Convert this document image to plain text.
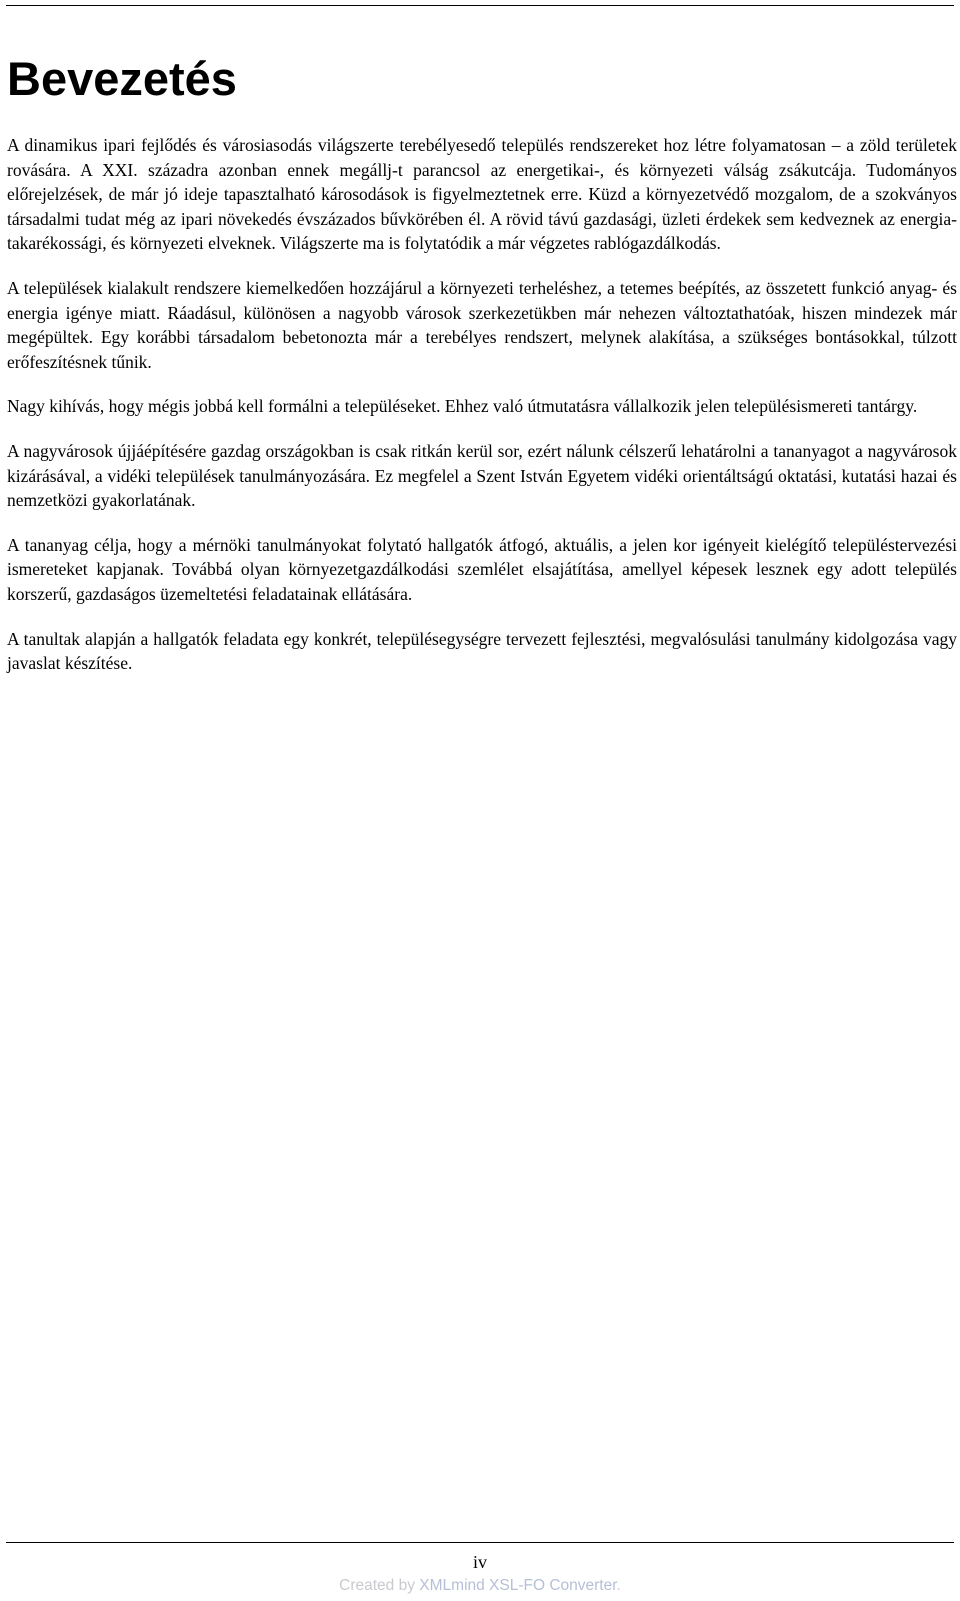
Bevezetés

A dinamikus ipari fejlődés és városiasodás világszerte terebélyesedő település rendszereket hoz létre folyamatosan – a zöld területek rovására. A XXI. századra azonban ennek megállj-t parancsol az energetikai-, és környezeti válság zsákutcája. Tudományos előrejelzések, de már jó ideje tapasztalható károsodások is figyelmeztetnek erre. Küzd a környezetvédő mozgalom, de a szokványos társadalmi tudat még az ipari növekedés évszázados bűvkörében él. A rövid távú gazdasági, üzleti érdekek sem kedveznek az energia-takarékossági, és környezeti elveknek. Világszerte ma is folytatódik a már végzetes rablógazdálkodás.

A települések kialakult rendszere kiemelkedően hozzájárul a környezeti terheléshez, a tetemes beépítés, az összetett funkció anyag- és energia igénye miatt. Ráadásul, különösen a nagyobb városok szerkezetükben már nehezen változtathatóak, hiszen mindezek már megépültek. Egy korábbi társadalom bebetonozta már a terebélyes rendszert, melynek alakítása, a szükséges bontásokkal, túlzott erőfeszítésnek tűnik.

Nagy kihívás, hogy mégis jobbá kell formálni a településeket. Ehhez való útmutatásra vállalkozik jelen településismereti tantárgy.

A nagyvárosok újjáépítésére gazdag országokban is csak ritkán kerül sor, ezért nálunk célszerű lehatárolni a tananyagot a nagyvárosok kizárásával, a vidéki települések tanulmányozására. Ez megfelel a Szent István Egyetem vidéki orientáltságú oktatási, kutatási hazai és nemzetközi gyakorlatának.

A tananyag célja, hogy a mérnöki tanulmányokat folytató hallgatók átfogó, aktuális, a jelen kor igényeit kielégítő településtervezési ismereteket kapjanak. Továbbá olyan környezetgazdálkodási szemlélet elsajátítása, amellyel képesek lesznek egy adott település korszerű, gazdaságos üzemeltetési feladatainak ellátására.

A tanultak alapján a hallgatók feladata egy konkrét, településegységre tervezett fejlesztési, megvalósulási tanulmány kidolgozása vagy javaslat készítése.

iv
Created by XMLmind XSL-FO Converter.
